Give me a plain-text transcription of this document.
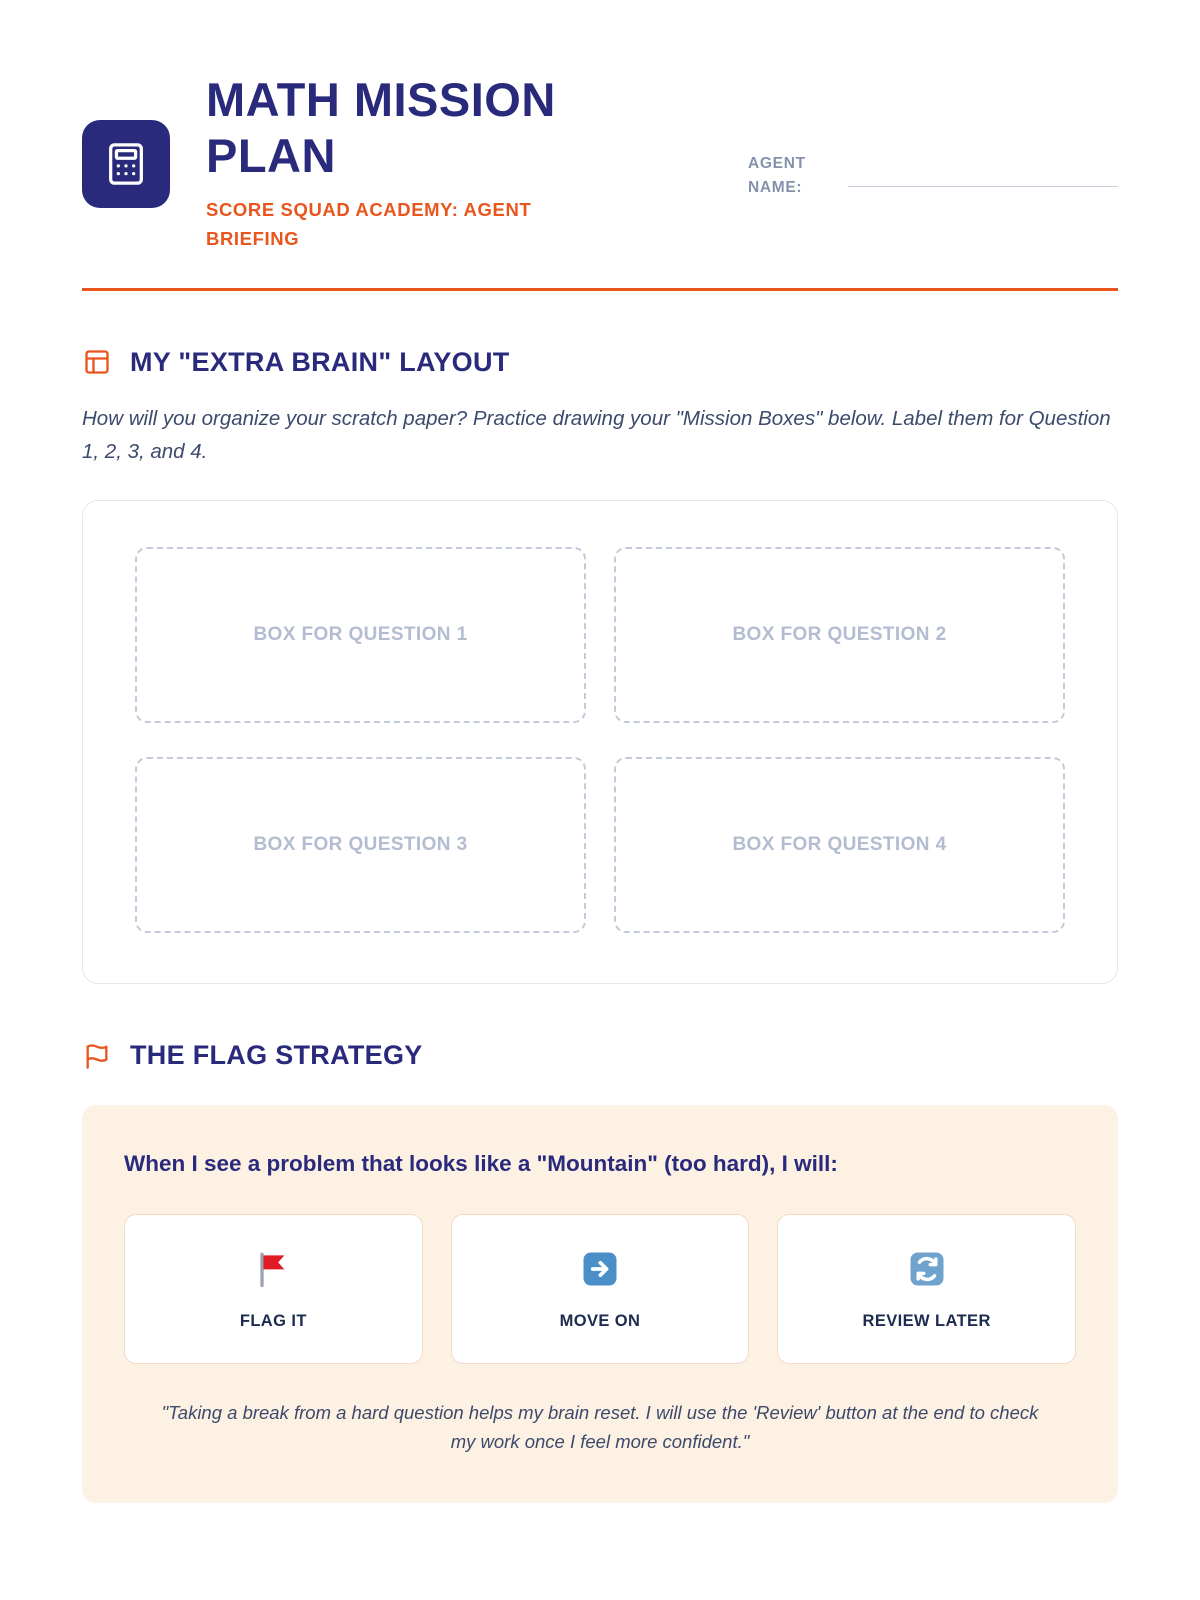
MATH MISSION PLAN
SCORE SQUAD ACADEMY: AGENT BRIEFING
AGENT NAME:
MY "EXTRA BRAIN" LAYOUT

How will you organize your scratch paper? Practice drawing your "Mission Boxes" below. Label them for Question 1, 2, 3, and 4.

BOX FOR QUESTION 1	BOX FOR QUESTION 2
BOX FOR QUESTION 3	BOX FOR QUESTION 4
THE FLAG STRATEGY

When I see a problem that looks like a "Mountain" (too hard), I will:

FLAG IT	MOVE ON	REVIEW LATER
"Taking a break from a hard question helps my brain reset. I will use the 'Review' button at the end to check my work once I feel more confident."
